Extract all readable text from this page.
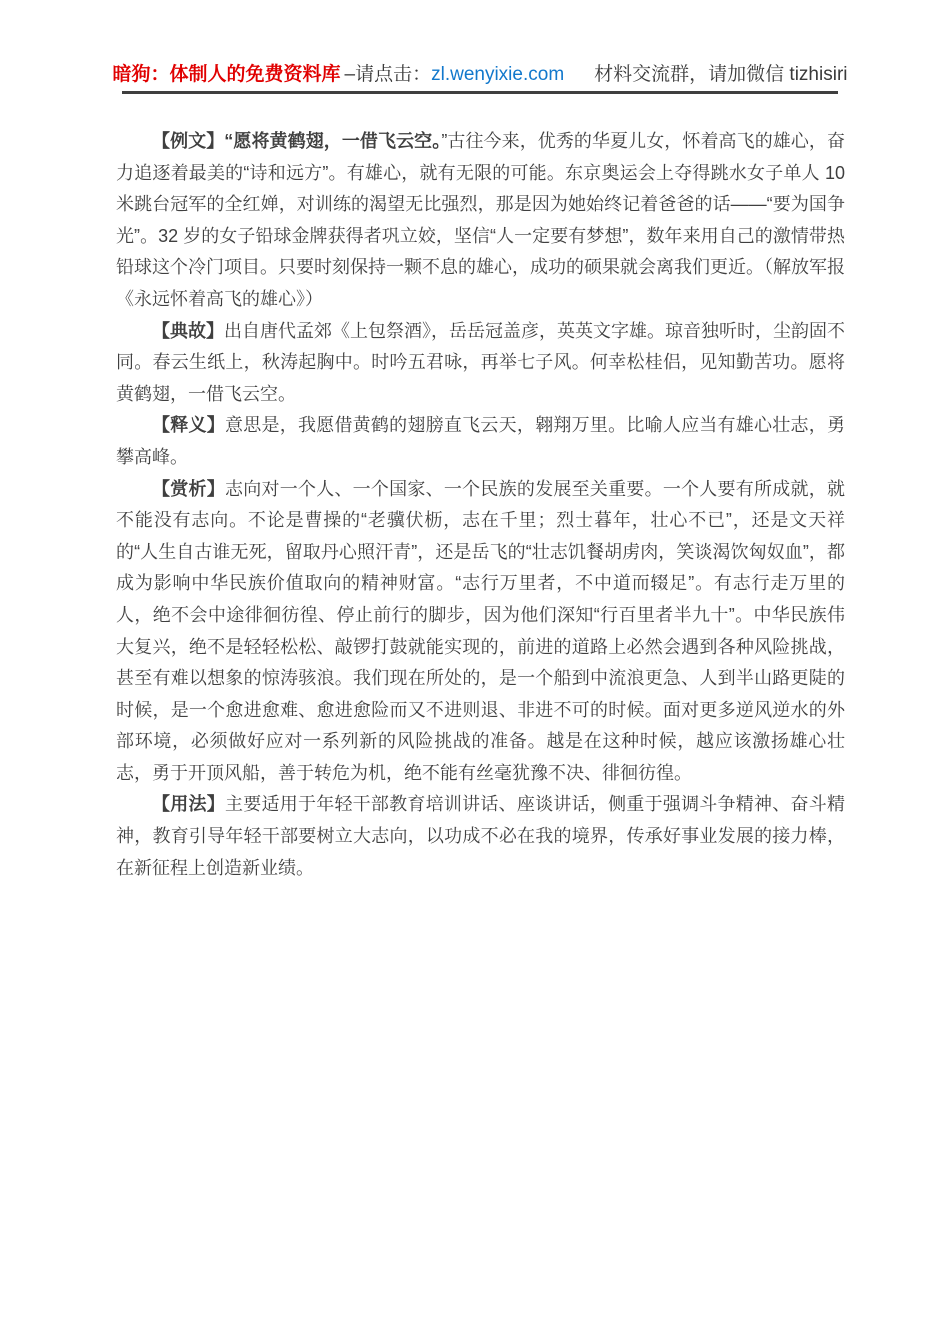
暗狗：体制人的免费资料库 –请点击： zl.wenyixie.com 材料交流群，请加微信 tizhisiri

【例文】“愿将黄鹤翅，一借飞云空。”古往今来，优秀的华夏儿女，怀着高飞的雄心，奋力追逐着最美的“诗和远方”。有雄心，就有无限的可能。东京奥运会上夺得跳水女子单人 10 米跳台冠军的全红婵，对训练的渴望无比强烈，那是因为她始终记着爸爸的话——“要为国争光”。32 岁的女子铅球金牌获得者巩立姣，坚信“人一定要有梦想”，数年来用自己的激情带热铅球这个冷门项目。只要时刻保持一颗不息的雄心，成功的硕果就会离我们更近。（解放军报《永远怀着高飞的雄心》）

【典故】出自唐代孟郊《上包祭酒》，岳岳冠盖彦，英英文字雄。琼音独听时，尘韵固不同。春云生纸上，秋涛起胸中。时吟五君咏，再举七子风。何幸松桂侣，见知勤苦功。愿将黄鹤翅，一借飞云空。

【释义】意思是，我愿借黄鹤的翅膀直飞云天，翱翔万里。比喻人应当有雄心壮志，勇攀高峰。

【赏析】志向对一个人、一个国家、一个民族的发展至关重要。一个人要有所成就，就不能没有志向。不论是曹操的“老骥伏枥，志在千里；烈士暮年，壮心不已”，还是文天祥的“人生自古谁无死，留取丹心照汗青”，还是岳飞的“壮志饥餐胡虏肉，笑谈渴饮匈奴血”，都成为影响中华民族价值取向的精神财富。“志行万里者，不中道而辍足”。有志行走万里的人，绝不会中途徘徊彷徨、停止前行的脚步，因为他们深知“行百里者半九十”。中华民族伟大复兴，绝不是轻轻松松、敲锣打鼓就能实现的，前进的道路上必然会遇到各种风险挑战，甚至有难以想象的惊涛骇浪。我们现在所处的，是一个船到中流浪更急、人到半山路更陡的时候，是一个愈进愈难、愈进愈险而又不进则退、非进不可的时候。面对更多逆风逆水的外部环境，必须做好应对一系列新的风险挑战的准备。越是在这种时候，越应该激扬雄心壮志，勇于开顶风船，善于转危为机，绝不能有丝毫犹豫不决、徘徊彷徨。

【用法】主要适用于年轻干部教育培训讲话、座谈讲话，侧重于强调斗争精神、奋斗精神，教育引导年轻干部要树立大志向，以功成不必在我的境界，传承好事业发展的接力棒，在新征程上创造新业绩。
